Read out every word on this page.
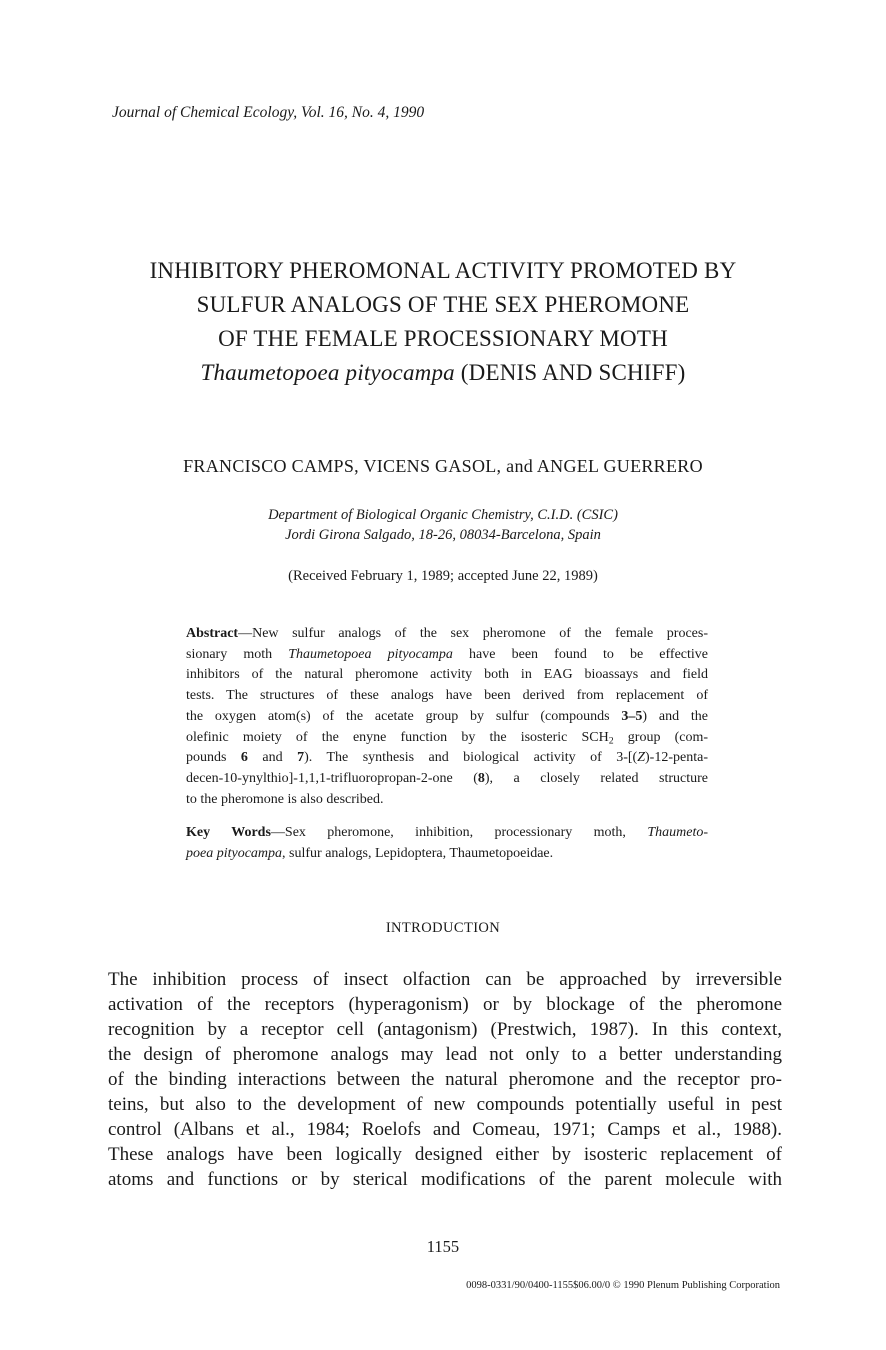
Journal of Chemical Ecology, Vol. 16, No. 4, 1990
INHIBITORY PHEROMONAL ACTIVITY PROMOTED BY
SULFUR ANALOGS OF THE SEX PHEROMONE
OF THE FEMALE PROCESSIONARY MOTH
Thaumetopoea pityocampa (DENIS AND SCHIFF)
FRANCISCO CAMPS, VICENS GASOL, and ANGEL GUERRERO
Department of Biological Organic Chemistry, C.I.D. (CSIC)
Jordi Girona Salgado, 18-26, 08034-Barcelona, Spain
(Received February 1, 1989; accepted June 22, 1989)
Abstract—New sulfur analogs of the sex pheromone of the female proces-
sionary moth Thaumetopoea pityocampa have been found to be effective
inhibitors of the natural pheromone activity both in EAG bioassays and field
tests. The structures of these analogs have been derived from replacement of
the oxygen atom(s) of the acetate group by sulfur (compounds 3–5) and the
olefinic moiety of the enyne function by the isosteric $SCH_2$ group (com-
pounds 6 and 7). The synthesis and biological activity of 3-[(Z)-12-penta-
decen-10-ynylthio]-1,1,1-trifluoropropan-2-one (8), a closely related structure
to the pheromone is also described.
Key Words—Sex pheromone, inhibition, processionary moth, Thaumeto-
poea pityocampa, sulfur analogs, Lepidoptera, Thaumetopoeidae.
INTRODUCTION
The inhibition process of insect olfaction can be approached by irreversible
activation of the receptors (hyperagonism) or by blockage of the pheromone
recognition by a receptor cell (antagonism) (Prestwich, 1987). In this context,
the design of pheromone analogs may lead not only to a better understanding
of the binding interactions between the natural pheromone and the receptor pro-
teins, but also to the development of new compounds potentially useful in pest
control (Albans et al., 1984; Roelofs and Comeau, 1971; Camps et al., 1988).
These analogs have been logically designed either by isosteric replacement of
atoms and functions or by sterical modifications of the parent molecule with
1155
0098-0331/90/0400-1155$06.00/0 © 1990 Plenum Publishing Corporation
